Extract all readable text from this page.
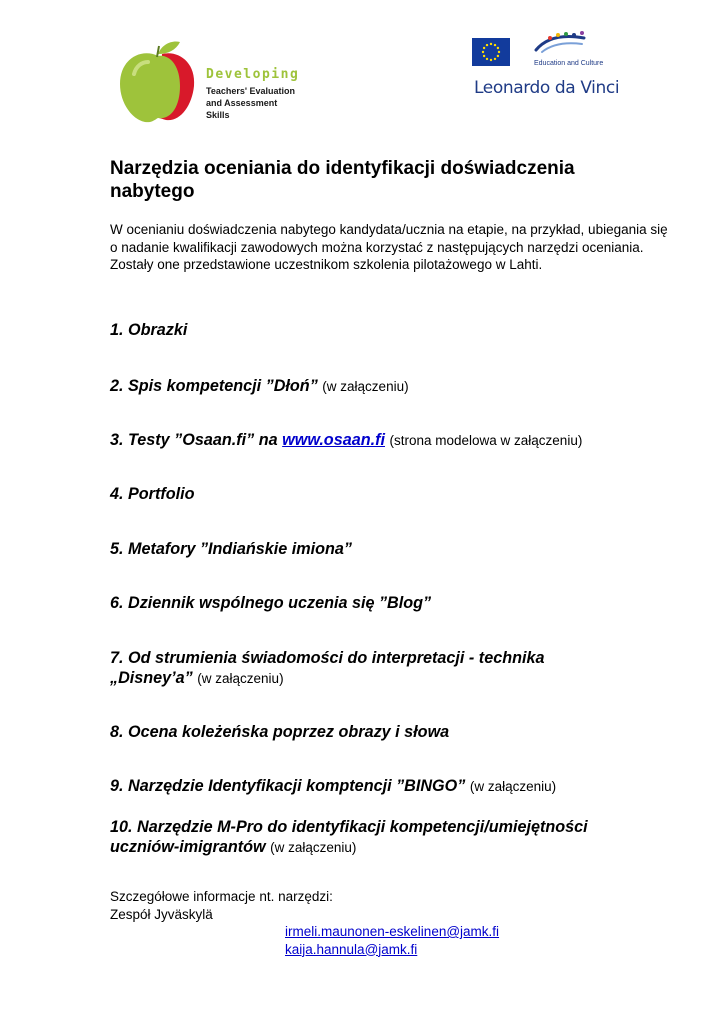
Developing
Teachers' Evaluation
and Assessment Skills
Education and Culture
Leonardo da Vinci
Narzędzia oceniania do identyfikacji doświadczenia nabytego
W ocenianiu doświadczenia nabytego kandydata/ucznia na etapie, na przykład, ubiegania się o nadanie kwalifikacji zawodowych można korzystać z następujących narzędzi oceniania. Zostały one przedstawione uczestnikom szkolenia pilotażowego w Lahti.
1. Obrazki
2. Spis kompetencji ”Dłoń” (w załączeniu)
3. Testy ”Osaan.fi” na www.osaan.fi (strona modelowa w załączeniu)
4. Portfolio
5. Metafory ”Indiańskie imiona”
6. Dziennik wspólnego uczenia się ”Blog”
7. Od strumienia świadomości do interpretacji - technika
„Disney’a” (w załączeniu)
8. Ocena koleżeńska poprzez obrazy i słowa
9. Narzędzie Identyfikacji komptencji ”BINGO” (w załączeniu)
10. Narzędzie M-Pro do identyfikacji kompetencji/umiejętności
uczniów-imigrantów (w załączeniu)
Szczegółowe informacje nt. narzędzi:
Zespół Jyväskylä
irmeli.maunonen-eskelinen@jamk.fi
kaija.hannula@jamk.fi
